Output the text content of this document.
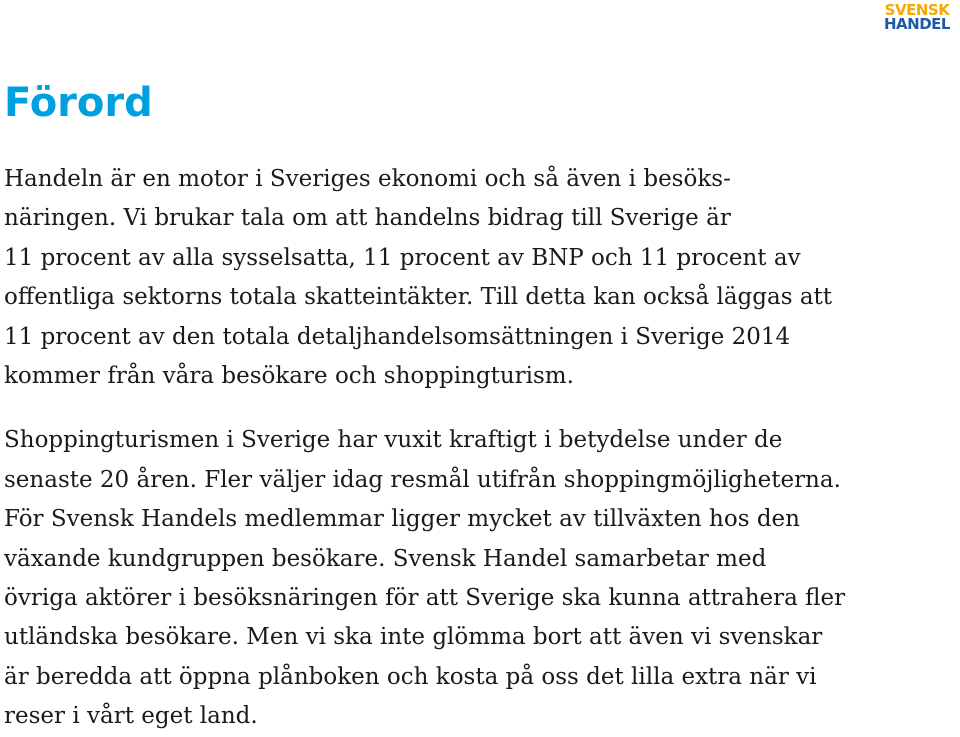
SVENSK
HANDEL
Förord
Handeln är en motor i Sveriges ekonomi och så även i besöks-
näringen. Vi brukar tala om att handelns bidrag till Sverige är
11 procent av alla sysselsatta, 11 procent av BNP och 11 procent av
offentliga sektorns totala skatteintäkter. Till detta kan också läggas att
11 procent av den totala detaljhandelsomsättningen i Sverige 2014
kommer från våra besökare och shoppingturism.
Shoppingturismen i Sverige har vuxit kraftigt i betydelse under de
senaste 20 åren. Fler väljer idag resmål utifrån shoppingmöjligheterna.
För Svensk Handels medlemmar ligger mycket av tillväxten hos den
växande kundgruppen besökare. Svensk Handel samarbetar med
övriga aktörer i besöksnäringen för att Sverige ska kunna attrahera fler
utländska besökare. Men vi ska inte glömma bort att även vi svenskar
är beredda att öppna plånboken och kosta på oss det lilla extra när vi
reser i vårt eget land.
